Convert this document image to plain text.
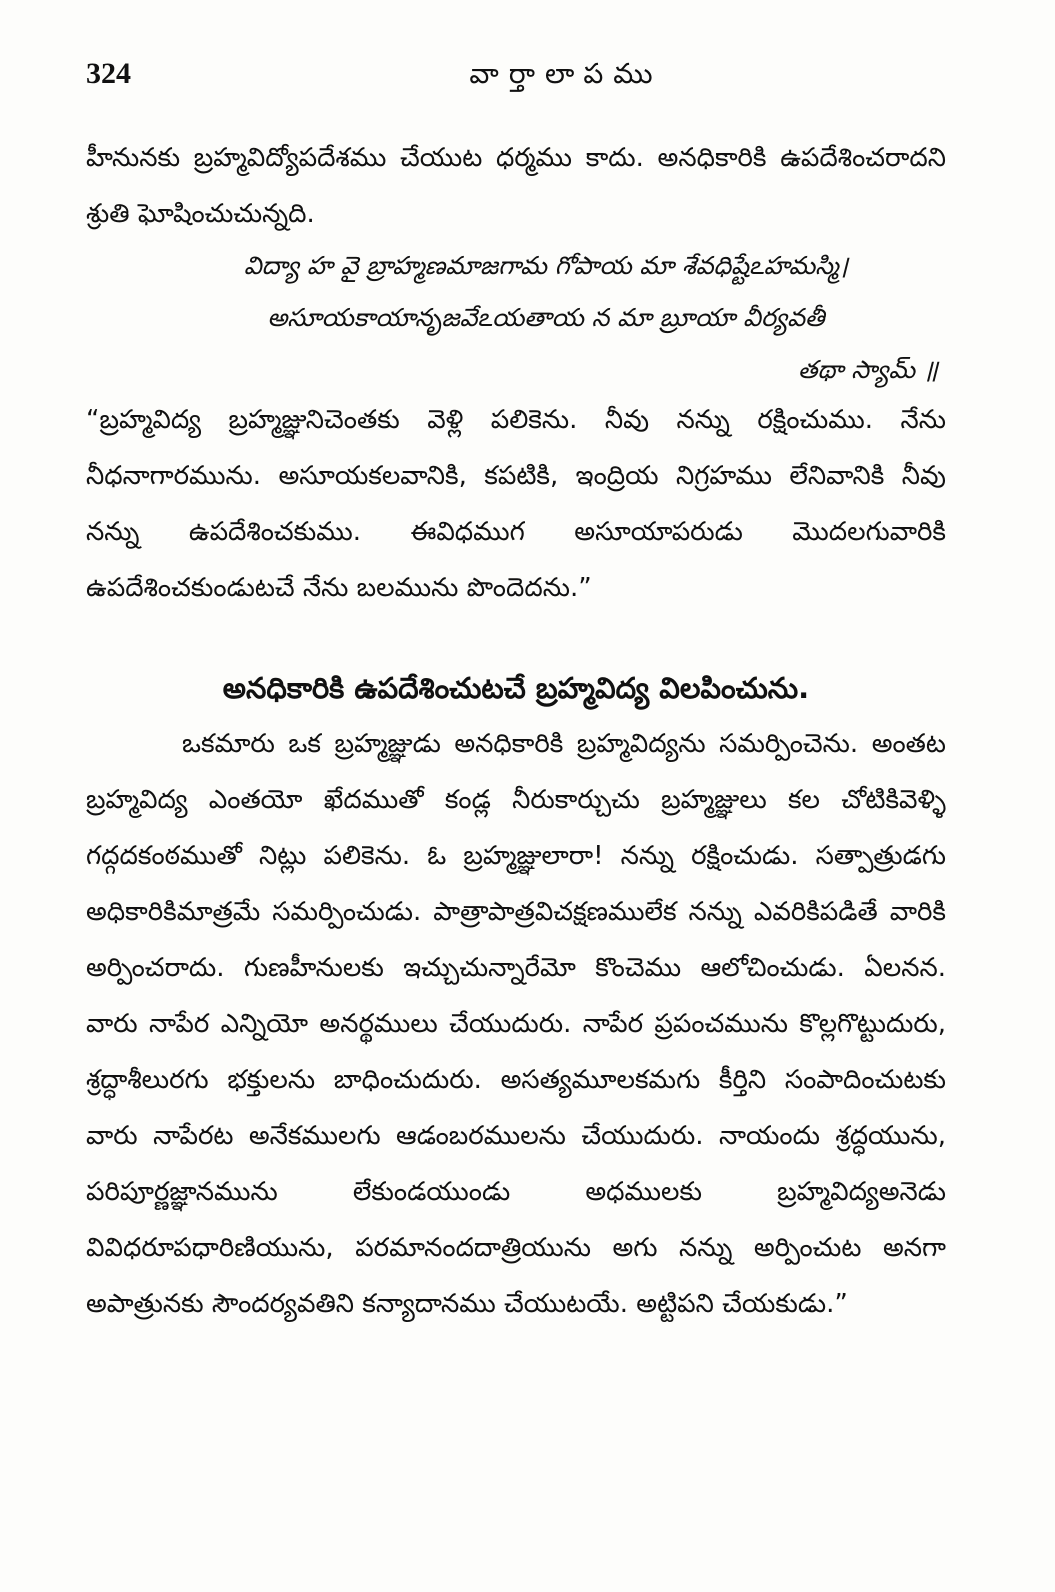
324	వార్తాలాపము

హీనునకు బ్రహ్మవిద్యోపదేశము చేయుట ధర్మము కాదు. అనధికారికి ఉపదేశించరాదని శ్రుతి ఘోషించుచున్నది.

విద్యా హ వై బ్రాహ్మణమాజగామ గోపాయ మా శేవధిష్టేఽహమస్మి।
అసూయకాయానృజవేఽయతాయ న మా బ్రూయా వీర్యవతీ
తథా స్యామ్ ॥

“బ్రహ్మవిద్య బ్రహ్మజ్ఞునిచెంతకు వెళ్లి పలికెను. నీవు నన్ను రక్షించుము. నేను నీధనాగారమును. అసూయకలవానికి, కపటికి, ఇంద్రియ నిగ్రహము లేనివానికి నీవు నన్ను ఉపదేశించకుము. ఈవిధముగ అసూయాపరుడు మొదలగువారికి ఉపదేశించకుండుటచే నేను బలమును పొందెదను.”

అనధికారికి ఉపదేశించుటచే బ్రహ్మవిద్య విలపించును.

ఒకమారు ఒక బ్రహ్మజ్ఞుడు అనధికారికి బ్రహ్మవిద్యను సమర్పించెను. అంతట బ్రహ్మవిద్య ఎంతయో ఖేదముతో కండ్ల నీరుకార్చుచు బ్రహ్మజ్ఞులు కల చోటికివెళ్ళి గద్గదకంఠముతో నిట్లు పలికెను. ఓ బ్రహ్మజ్ఞులారా! నన్ను రక్షించుడు. సత్పాత్రుడగు అధికారికిమాత్రమే సమర్పించుడు. పాత్రాపాత్రవిచక్షణములేక నన్ను ఎవరికిపడితే వారికి అర్పించరాదు. గుణహీనులకు ఇచ్చుచున్నారేమో కొంచెము ఆలోచించుడు. ఏలనన. వారు నాపేర ఎన్నియో అనర్థములు చేయుదురు. నాపేర ప్రపంచమును కొల్లగొట్టుదురు, శ్రద్ధాశీలురగు భక్తులను బాధించుదురు. అసత్యమూలకమగు కీర్తిని సంపాదించుటకు వారు నాపేరట అనేకములగు ఆడంబరములను చేయుదురు. నాయందు శ్రద్ధయును, పరిపూర్ణజ్ఞానమును లేకుండయుండు అధములకు బ్రహ్మవిద్యఅనెడు వివిధరూపధారిణియును, పరమానందదాత్రియును అగు నన్ను అర్పించుట అనగా అపాత్రునకు సౌందర్యవతిని కన్యాదానము చేయుటయే. అట్టిపని చేయకుడు.”
